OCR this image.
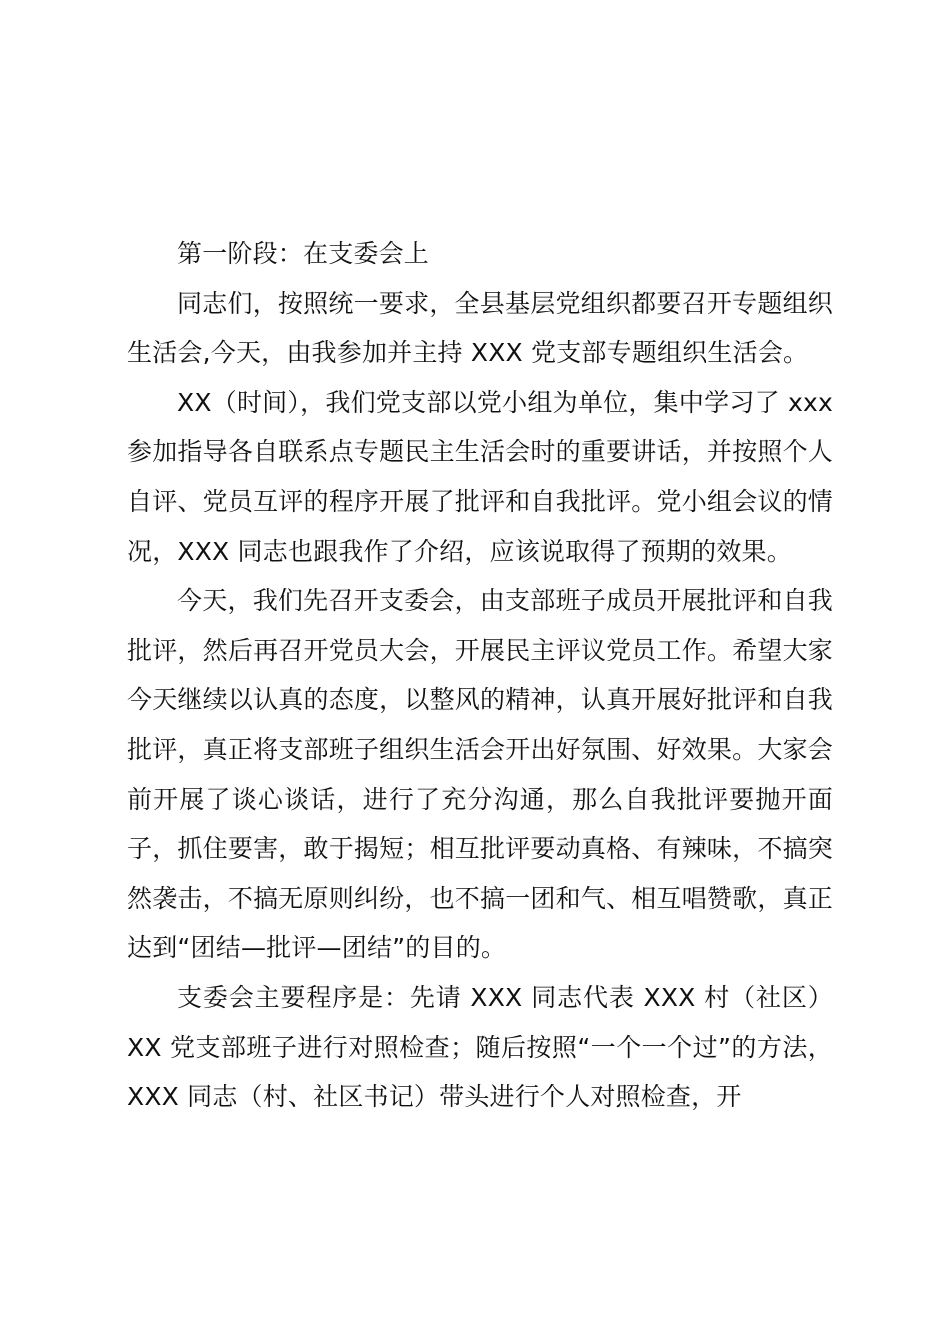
第一阶段：在支委会上

同志们，按照统一要求，全县基层党组织都要召开专题组织生活会,今天，由我参加并主持 XXX 党支部专题组织生活会。

XX（时间），我们党支部以党小组为单位，集中学习了 xxx 参加指导各自联系点专题民主生活会时的重要讲话，并按照个人自评、党员互评的程序开展了批评和自我批评。党小组会议的情况，XXX 同志也跟我作了介绍，应该说取得了预期的效果。

今天，我们先召开支委会，由支部班子成员开展批评和自我批评，然后再召开党员大会，开展民主评议党员工作。希望大家今天继续以认真的态度，以整风的精神，认真开展好批评和自我批评，真正将支部班子组织生活会开出好氛围、好效果。大家会前开展了谈心谈话，进行了充分沟通，那么自我批评要抛开面子，抓住要害，敢于揭短；相互批评要动真格、有辣味，不搞突然袭击，不搞无原则纠纷，也不搞一团和气、相互唱赞歌，真正达到“团结—批评—团结”的目的。

支委会主要程序是：先请 XXX 同志代表 XXX 村（社区）XX 党支部班子进行对照检查；随后按照“一个一个过”的方法，XXX 同志（村、社区书记）带头进行个人对照检查，开
